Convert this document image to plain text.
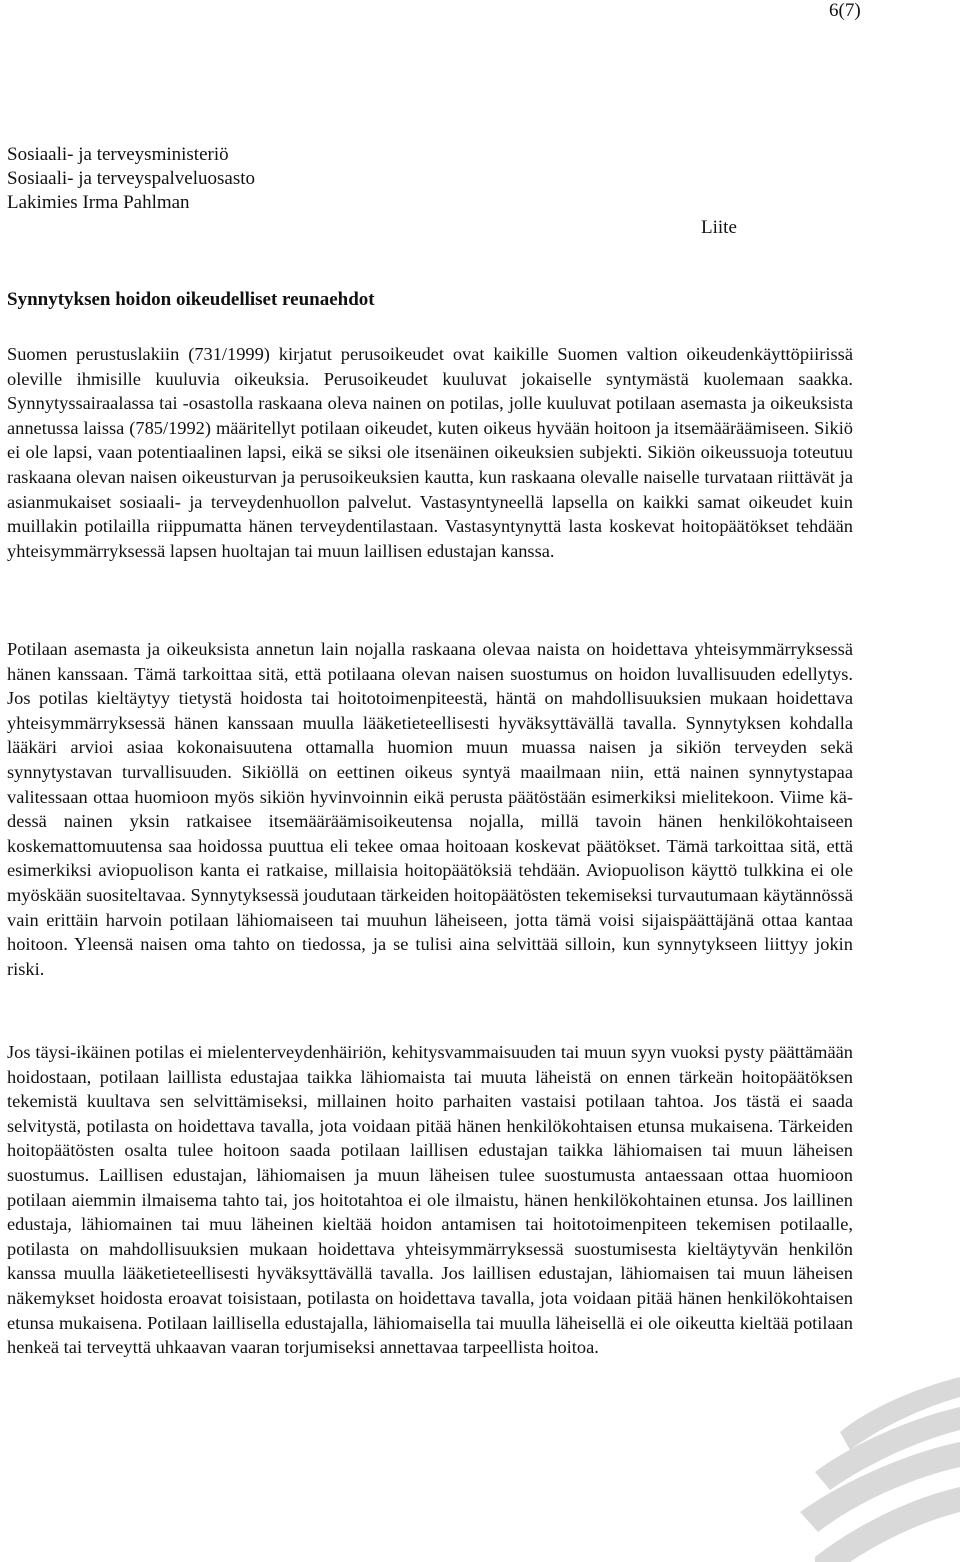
6(7)
Sosiaali- ja terveysministeriö
Sosiaali- ja terveyspalveluosasto
Lakimies Irma Pahlman
Liite
Synnytyksen hoidon oikeudelliset reunaehdot

Suomen perustuslakiin (731/1999) kirjatut perusoikeudet ovat kaikille Suomen valtion oikeudenkäyttöpiirissä oleville ihmisille kuuluvia oikeuksia. Perusoikeudet kuuluvat jokaiselle syntymästä kuolemaan saakka. Synnytyssairaalassa tai -osastolla raskaana oleva nainen on potilas, jolle kuuluvat potilaan asemasta ja oikeuksista annetussa laissa (785/1992) määritellyt potilaan oikeudet, kuten oikeus hyvään hoitoon ja itsemääräämiseen. Sikiö ei ole lapsi, vaan potentiaalinen lapsi, eikä se siksi ole itsenäinen oikeuksien subjekti. Sikiön oikeussuoja toteutuu raskaana olevan naisen oikeusturvan ja perusoikeuksien kautta, kun raskaana olevalle naiselle turvataan riittävät ja asianmukaiset sosiaali- ja terveydenhuollon palvelut. Vastasyntyneellä lapsella on kaikki samat oikeudet kuin muillakin potilailla riippumatta hänen terveydentilastaan. Vastasyntynyttä lasta koskevat hoitopäätökset tehdään yhteisymmärryksessä lapsen huoltajan tai muun laillisen edustajan kanssa.

Potilaan asemasta ja oikeuksista annetun lain nojalla raskaana olevaa naista on hoidettava yhteisymmärryksessä hänen kanssaan. Tämä tarkoittaa sitä, että potilaana olevan naisen suostumus on hoidon luvallisuuden edellytys. Jos potilas kieltäytyy tietystä hoidosta tai hoitotoimenpiteestä, häntä on mahdollisuuksien mukaan hoidettava yhteisymmärryksessä hänen kanssaan muulla lääketieteellisesti hyväksyttävällä tavalla. Synnytyksen kohdalla lääkäri arvioi asiaa kokonaisuutena ottamalla huomion muun muassa naisen ja sikiön terveyden sekä synnytystavan turvallisuuden. Sikiöllä on eettinen oikeus syntyä maailmaan niin, että nainen synnytystapaa valitessaan ottaa huomioon myös sikiön hyvinvoinnin eikä perusta päätöstään esimerkiksi mielitekoon. Viime kädessä nainen yksin ratkaisee itsemääräämisoikeutensa nojalla, millä tavoin hänen henkilökohtaiseen koskemattomuutensa saa hoidossa puuttua eli tekee omaa hoitoaan koskevat päätökset. Tämä tarkoittaa sitä, että esimerkiksi aviopuolison kanta ei ratkaise, millaisia hoitopäätöksiä tehdään. Aviopuolison käyttö tulkkina ei ole myöskään suositeltavaa. Synnytyksessä joudutaan tärkeiden hoitopäätösten tekemiseksi turvautumaan käytännössä vain erittäin harvoin potilaan lähiomaiseen tai muuhun läheiseen, jotta tämä voisi sijaispäättäjänä ottaa kantaa hoitoon. Yleensä naisen oma tahto on tiedossa, ja se tulisi aina selvittää silloin, kun synnytykseen liittyy jokin riski.

Jos täysi-ikäinen potilas ei mielenterveydenhäiriön, kehitysvammaisuuden tai muun syyn vuoksi pysty päättämään hoidostaan, potilaan laillista edustajaa taikka lähiomaista tai muuta läheistä on ennen tärkeän hoitopäätöksen tekemistä kuultava sen selvittämiseksi, millainen hoito parhaiten vastaisi potilaan tahtoa. Jos tästä ei saada selvitystä, potilasta on hoidettava tavalla, jota voidaan pitää hänen henkilökohtaisen etunsa mukaisena. Tärkeiden hoitopäätösten osalta tulee hoitoon saada potilaan laillisen edustajan taikka lähiomaisen tai muun läheisen suostumus. Laillisen edustajan, lähiomaisen ja muun läheisen tulee suostumusta antaessaan ottaa huomioon potilaan aiemmin ilmaisema tahto tai, jos hoitotahtoa ei ole ilmaistu, hänen henkilökohtainen etunsa. Jos laillinen edustaja, lähiomainen tai muu läheinen kieltää hoidon antamisen tai hoitotoimenpiteen tekemisen potilaalle, potilasta on mahdollisuuksien mukaan hoidettava yhteisymmärryksessä suostumisesta kieltäytyvän henkilön kanssa muulla lääketieteellisesti hyväksyttävällä tavalla. Jos laillisen edustajan, lähiomaisen tai muun läheisen näkemykset hoidosta eroavat toisistaan, potilasta on hoidettava tavalla, jota voidaan pitää hänen henkilökohtaisen etunsa mukaisena. Potilaan laillisella edustajalla, lähiomaisella tai muulla läheisellä ei ole oikeutta kieltää potilaan henkeä tai terveyttä uhkaavan vaaran torjumiseksi annettavaa tarpeellista hoitoa.
